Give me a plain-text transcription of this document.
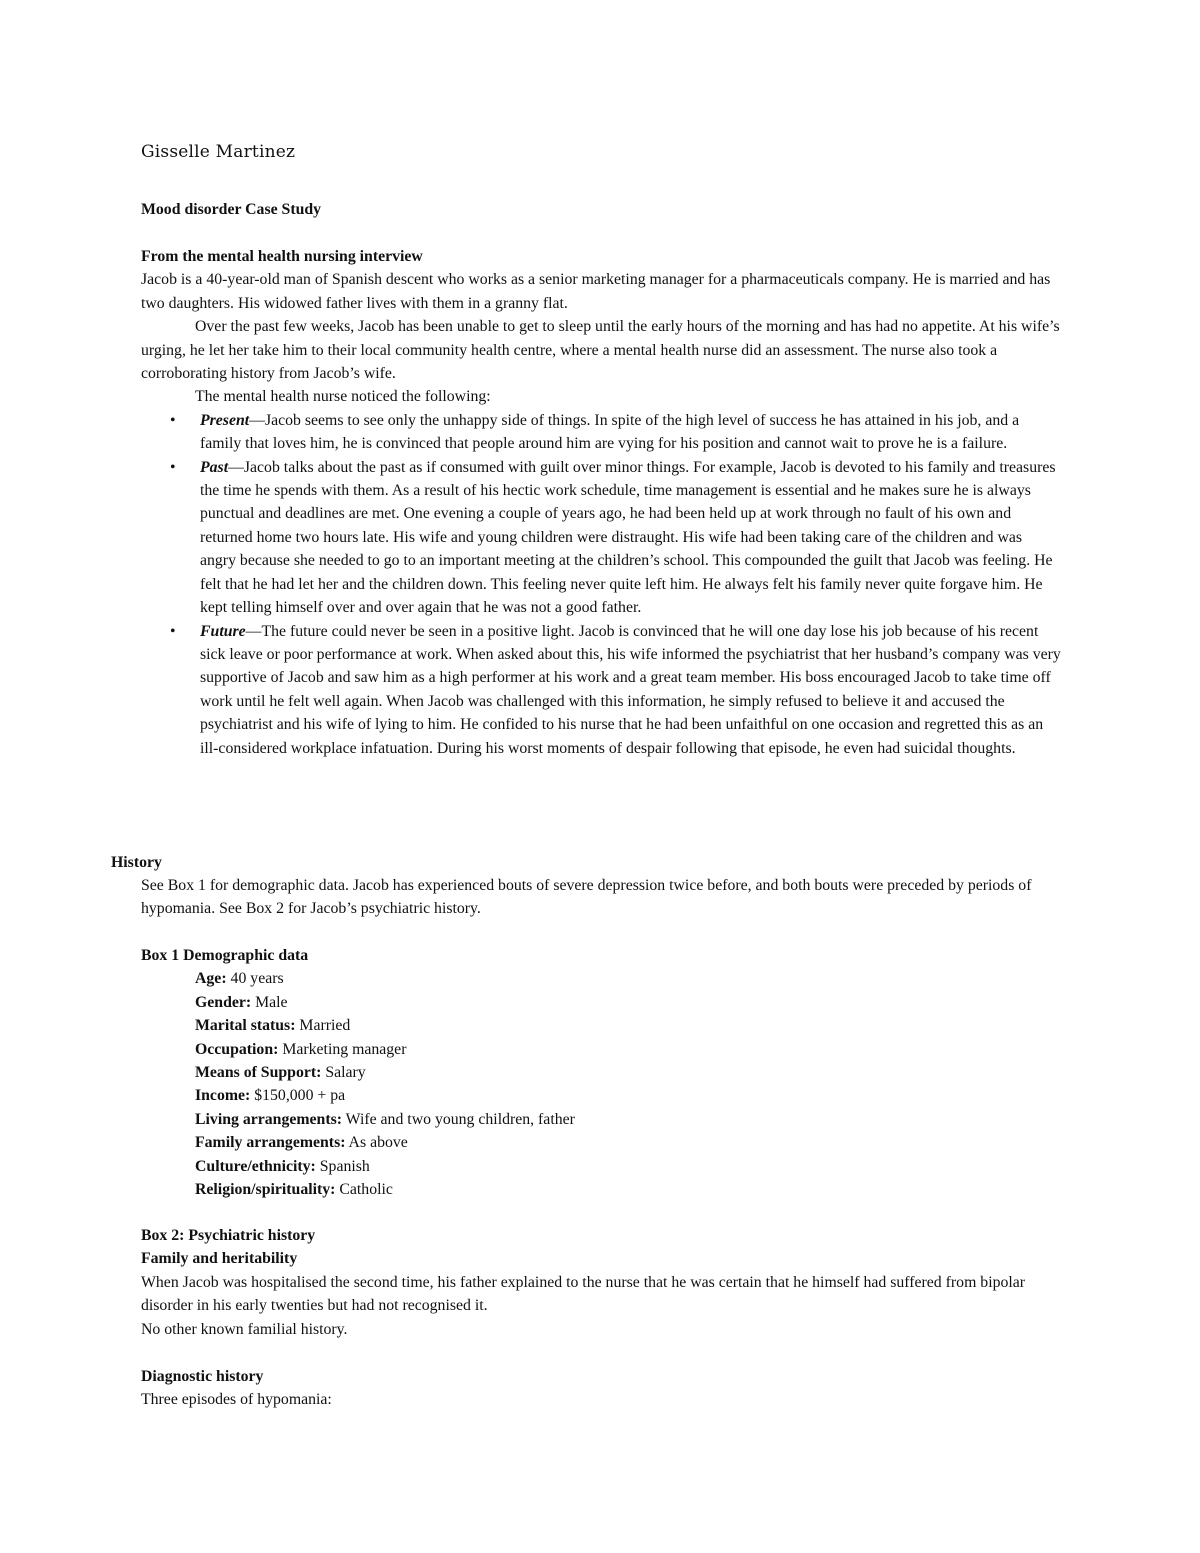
Gisselle Martinez
Mood disorder Case Study

From the mental health nursing interview

Jacob is a 40-year-old man of Spanish descent who works as a senior marketing manager for a pharmaceuticals company. He is married and has two daughters. His widowed father lives with them in a granny flat.

Over the past few weeks, Jacob has been unable to get to sleep until the early hours of the morning and has had no appetite. At his wife’s urging, he let her take him to their local community health centre, where a mental health nurse did an assessment. The nurse also took a corroborating history from Jacob’s wife.

The mental health nurse noticed the following:

• Present—Jacob seems to see only the unhappy side of things. In spite of the high level of success he has attained in his job, and a family that loves him, he is convinced that people around him are vying for his position and cannot wait to prove he is a failure.
• Past—Jacob talks about the past as if consumed with guilt over minor things. For example, Jacob is devoted to his family and treasures the time he spends with them. As a result of his hectic work schedule, time management is essential and he makes sure he is always punctual and deadlines are met. One evening a couple of years ago, he had been held up at work through no fault of his own and returned home two hours late. His wife and young children were distraught. His wife had been taking care of the children and was angry because she needed to go to an important meeting at the children’s school. This compounded the guilt that Jacob was feeling. He felt that he had let her and the children down. This feeling never quite left him. He always felt his family never quite forgave him. He kept telling himself over and over again that he was not a good father.
• Future—The future could never be seen in a positive light. Jacob is convinced that he will one day lose his job because of his recent sick leave or poor performance at work. When asked about this, his wife informed the psychiatrist that her husband’s company was very supportive of Jacob and saw him as a high performer at his work and a great team member. His boss encouraged Jacob to take time off work until he felt well again. When Jacob was challenged with this information, he simply refused to believe it and accused the psychiatrist and his wife of lying to him. He confided to his nurse that he had been unfaithful on one occasion and regretted this as an ill-considered workplace infatuation. During his worst moments of despair following that episode, he even had suicidal thoughts.
History
See Box 1 for demographic data. Jacob has experienced bouts of severe depression twice before, and both bouts were preceded by periods of hypomania. See Box 2 for Jacob’s psychiatric history.

Box 1 Demographic data

Age: 40 years

Gender: Male

Marital status: Married

Occupation: Marketing manager

Means of Support: Salary

Income: $150,000 + pa

Living arrangements: Wife and two young children, father

Family arrangements: As above

Culture/ethnicity: Spanish

Religion/spirituality: Catholic

Box 2: Psychiatric history

Family and heritability

When Jacob was hospitalised the second time, his father explained to the nurse that he was certain that he himself had suffered from bipolar disorder in his early twenties but had not recognised it.

No other known familial history.

Diagnostic history

Three episodes of hypomania:
